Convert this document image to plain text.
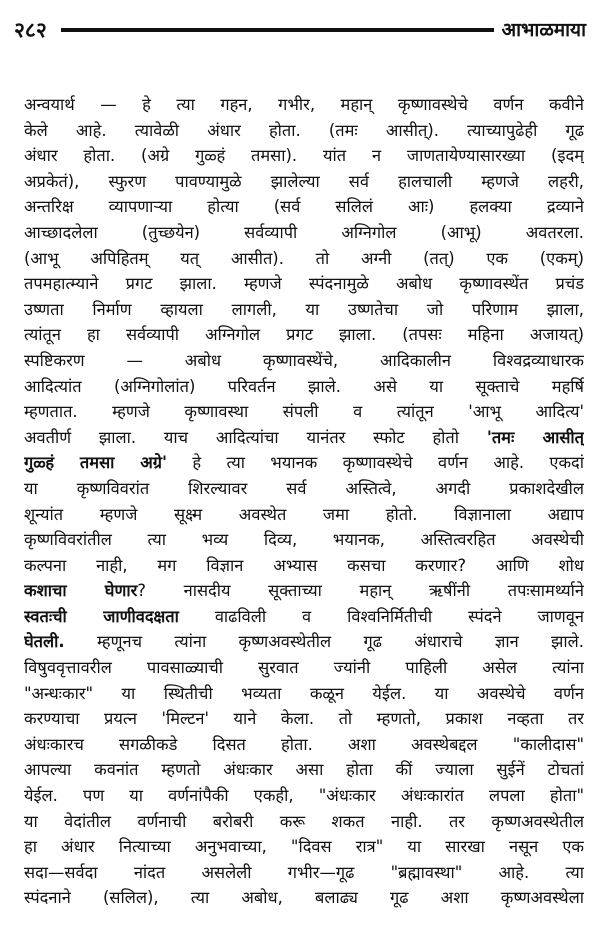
२८२	आभाळमाया
अन्वयार्थ — हे त्या गहन, गभीर, महान् कृष्णावस्थेचे वर्णन कवीने
केले आहे. त्यावेळी अंधार होता. (तमः आसीत्). त्याच्यापुढेही गूढ
अंधार होता. (अग्रे गुळ्हं तमसा). यांत न जाणतायेण्यासारख्या (इदम्
अप्रकेतं), स्फुरण पावण्यामुळे झालेल्या सर्व हालचाली म्हणजे लहरी,
अन्तरिक्ष व्यापणाऱ्या होत्या (सर्व सलिलं आः) हलक्या द्रव्याने
आच्छादलेला (तुच्छयेन) सर्वव्यापी अग्निगोल (आभू) अवतरला.
(आभू अपिहितम् यत् आसीत). तो अग्नी (तत्) एक (एकम्)
तपमहात्म्याने प्रगट झाला. म्हणजे स्पंदनामुळे अबोध कृष्णावस्थेंत प्रचंड
उष्णता निर्माण व्हायला लागली, या उष्णतेचा जो परिणाम झाला,
त्यांतून हा सर्वव्यापी अग्निगोल प्रगट झाला. (तपसः महिना अजायत्)
स्पष्टिकरण — अबोध कृष्णावस्थेंचे, आदिकालीन विश्वद्रव्याधारक
आदित्यांत (अग्निगोलांत) परिवर्तन झाले. असे या सूक्ताचे महर्षि
म्हणतात. म्हणजे कृष्णावस्था संपली व त्यांतून 'आभू आदित्य'
अवतीर्ण झाला. याच आदित्यांचा यानंतर स्फोट होतो 'तमः आसीत्
गुळ्हं तमसा अग्रे' हे त्या भयानक कृष्णावस्थेचे वर्णन आहे. एकदां
या कृष्णविवरांत शिरल्यावर सर्व अस्तित्वे, अगदी प्रकाशदेखील
शून्यांत म्हणजे सूक्ष्म अवस्थेत जमा होतो. विज्ञानाला अद्याप
कृष्णविवरांतील त्या भव्य दिव्य, भयानक, अस्तित्वरहित अवस्थेची
कल्पना नाही, मग विज्ञान अभ्यास कसचा करणार? आणि शोध
कशाचा घेणार? नासदीय सूक्ताच्या महान् ऋषींनी तपःसामर्थ्याने
स्वतःची जाणीवदक्षता वाढविली व विश्वनिर्मितीची स्पंदने जाणवून
घेतली. म्हणूनच त्यांना कृष्णअवस्थेतील गूढ अंधाराचे ज्ञान झाले.
विषुववृत्तावरील पावसाळ्याची सुरवात ज्यांनी पाहिली असेल त्यांना
"अन्धःकार" या स्थितीची भव्यता कळून येईल. या अवस्थेचे वर्णन
करण्याचा प्रयत्न 'मिल्टन' याने केला. तो म्हणतो, प्रकाश नव्हता तर
अंधःकारच सगळीकडे दिसत होता. अशा अवस्थेबद्दल "कालीदास"
आपल्या कवनांत म्हणतो अंधःकार असा होता कीं ज्याला सुईनें टोचतां
येईल. पण या वर्णनांपैकी एकही, "अंधःकार अंधःकारांत लपला होता"
या वेदांतील वर्णनाची बरोबरी करू शकत नाही. तर कृष्णअवस्थेतील
हा अंधार नित्याच्या अनुभवाच्या, "दिवस रात्र" या सारखा नसून एक
सदा—सर्वदा नांदत असलेली गभीर—गूढ "ब्रह्मावस्था" आहे. त्या
स्पंदनाने (सलिल), त्या अबोध, बलाढ्य गूढ अशा कृष्णअवस्थेला
